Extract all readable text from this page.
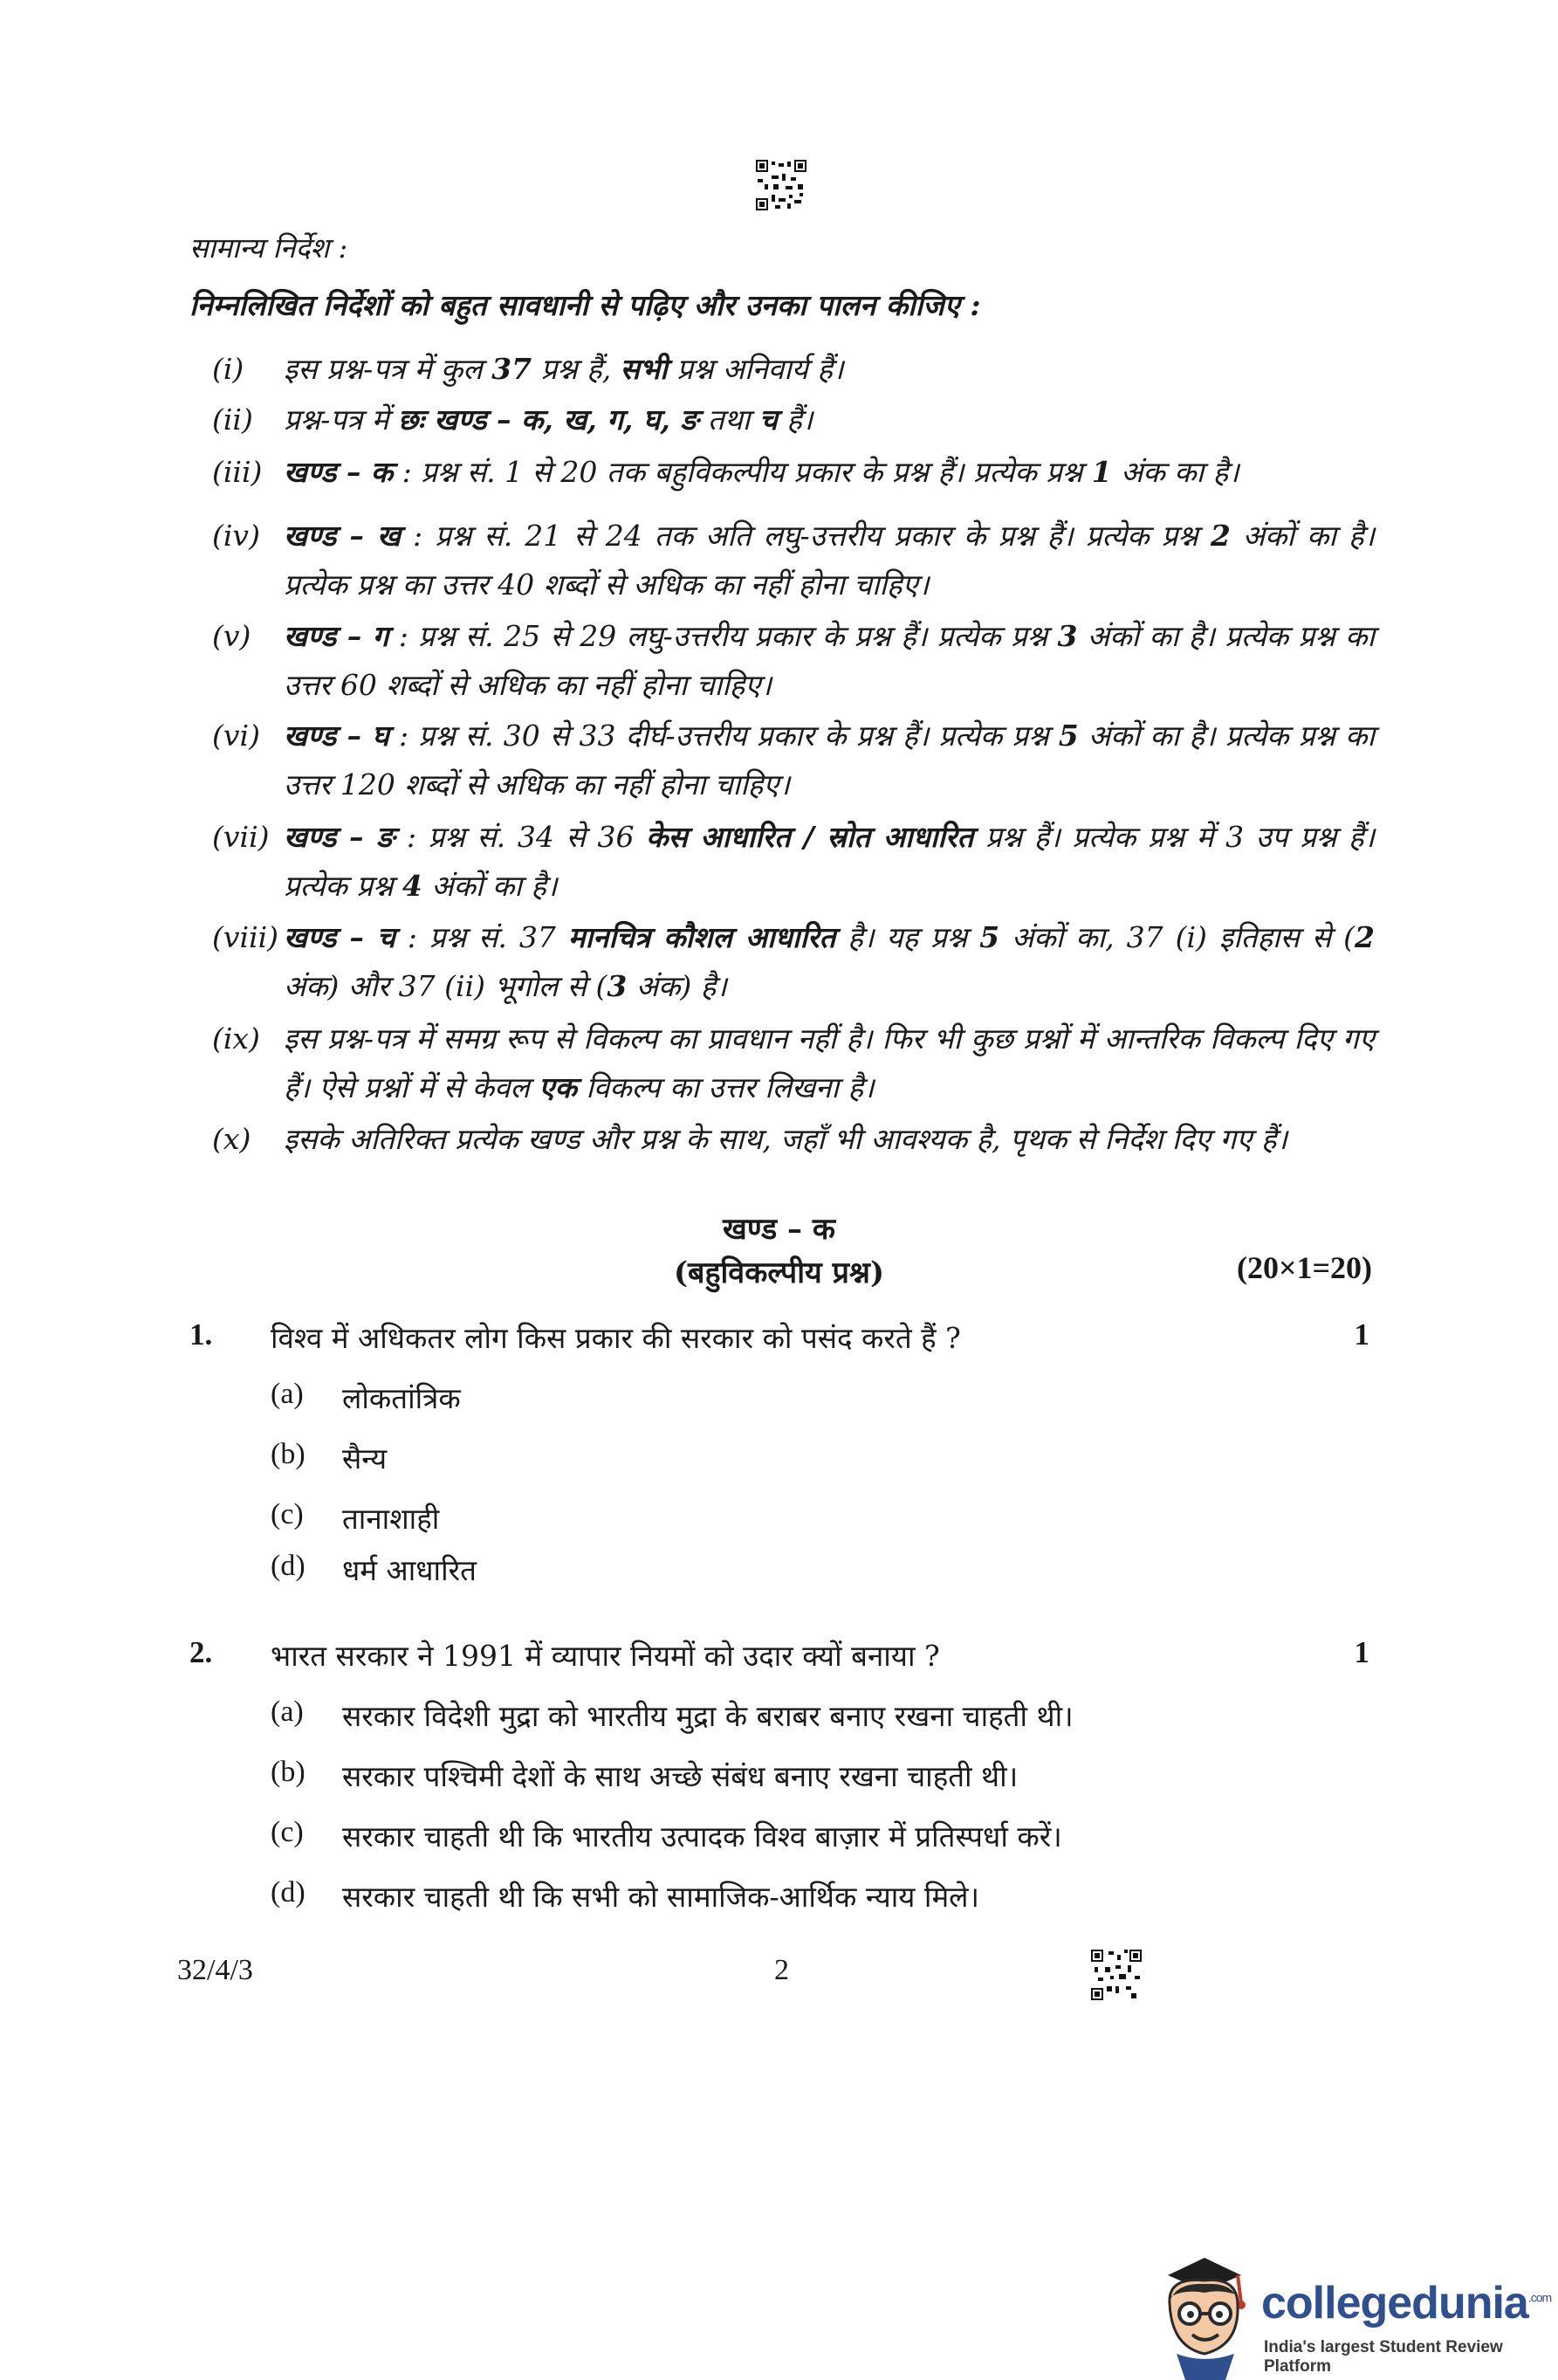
सामान्य निर्देश :
निम्नलिखित निर्देशों को बहुत सावधानी से पढ़िए और उनका पालन कीजिए :
(i) इस प्रश्न-पत्र में कुल 37 प्रश्न हैं, सभी प्रश्न अनिवार्य हैं।
(ii) प्रश्न-पत्र में छः खण्ड – क, ख, ग, घ, ङ तथा च हैं।
(iii) खण्ड – क : प्रश्न सं. 1 से 20 तक बहुविकल्पीय प्रकार के प्रश्न हैं। प्रत्येक प्रश्न 1 अंक का है।
(iv) खण्ड – ख : प्रश्न सं. 21 से 24 तक अति लघु-उत्तरीय प्रकार के प्रश्न हैं। प्रत्येक प्रश्न 2 अंकों का है। प्रत्येक प्रश्न का उत्तर 40 शब्दों से अधिक का नहीं होना चाहिए।
(v) खण्ड – ग : प्रश्न सं. 25 से 29 लघु-उत्तरीय प्रकार के प्रश्न हैं। प्रत्येक प्रश्न 3 अंकों का है। प्रत्येक प्रश्न का उत्तर 60 शब्दों से अधिक का नहीं होना चाहिए।
(vi) खण्ड – घ : प्रश्न सं. 30 से 33 दीर्घ-उत्तरीय प्रकार के प्रश्न हैं। प्रत्येक प्रश्न 5 अंकों का है। प्रत्येक प्रश्न का उत्तर 120 शब्दों से अधिक का नहीं होना चाहिए।
(vii) खण्ड – ङ : प्रश्न सं. 34 से 36 केस आधारित / स्रोत आधारित प्रश्न हैं। प्रत्येक प्रश्न में 3 उप प्रश्न हैं। प्रत्येक प्रश्न 4 अंकों का है।
(viii) खण्ड – च : प्रश्न सं. 37 मानचित्र कौशल आधारित है। यह प्रश्न 5 अंकों का, 37 (i) इतिहास से (2 अंक) और 37 (ii) भूगोल से (3 अंक) है।
(ix) इस प्रश्न-पत्र में समग्र रूप से विकल्प का प्रावधान नहीं है। फिर भी कुछ प्रश्नों में आन्तरिक विकल्प दिए गए हैं। ऐसे प्रश्नों में से केवल एक विकल्प का उत्तर लिखना है।
(x) इसके अतिरिक्त प्रत्येक खण्ड और प्रश्न के साथ, जहाँ भी आवश्यक है, पृथक से निर्देश दिए गए हैं।
खण्ड – क
(बहुविकल्पीय प्रश्न)	(20×1=20)
1. विश्व में अधिकतर लोग किस प्रकार की सरकार को पसंद करते हैं ?	1
(a) लोकतांत्रिक
(b) सैन्य
(c) तानाशाही
(d) धर्म आधारित
2. भारत सरकार ने 1991 में व्यापार नियमों को उदार क्यों बनाया ?	1
(a) सरकार विदेशी मुद्रा को भारतीय मुद्रा के बराबर बनाए रखना चाहती थी।
(b) सरकार पश्चिमी देशों के साथ अच्छे संबंध बनाए रखना चाहती थी।
(c) सरकार चाहती थी कि भारतीय उत्पादक विश्व बाज़ार में प्रतिस्पर्धा करें।
(d) सरकार चाहती थी कि सभी को सामाजिक-आर्थिक न्याय मिले।
32/4/3	2
collegedunia$^{.com}$
India's largest Student Review Platform
